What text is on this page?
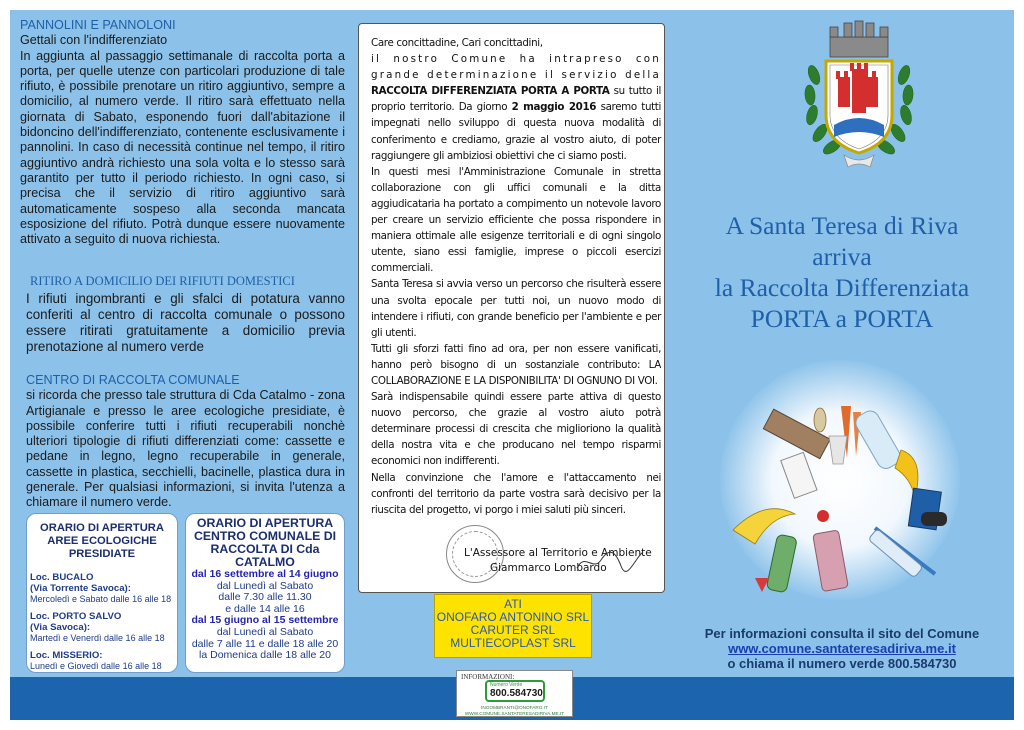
PANNOLINI E PANNOLONI
Gettali con l'indifferenziato
In aggiunta al passaggio settimanale di raccolta porta a porta, per quelle utenze con particolari produzione di tale rifiuto, è possibile prenotare un ritiro aggiuntivo, sempre a domicilio, al numero verde. Il ritiro sarà effettuato nella giornata di Sabato, esponendo fuori dall'abitazione il bidoncino dell'indifferenziato, contenente esclusivamente i pannolini. In caso di necessità continue nel tempo, il ritiro aggiuntivo andrà richiesto una sola volta e lo stesso sarà garantito per tutto il periodo richiesto. In ogni caso, si precisa che il servizio di ritiro aggiuntivo sarà automaticamente sospeso alla seconda mancata esposizione del rifiuto. Potrà dunque essere nuovamente attivato a seguito di nuova richiesta.
RITIRO A DOMICILIO DEI RIFIUTI DOMESTICI
I rifiuti ingombranti e gli sfalci di potatura vanno conferiti al centro di raccolta comunale o possono essere ritirati gratuitamente a domicilio previa prenotazione al numero verde
CENTRO DI RACCOLTA COMUNALE
si ricorda che presso tale struttura di Cda Catalmo - zona Artigianale e presso le aree ecologiche presidiate, è possibile conferire tutti i rifiuti recuperabili nonchè ulteriori tipologie di rifiuti differenziati come: cassette e pedane in legno, legno recuperabile in generale, cassette in plastica, secchielli, bacinelle, plastica dura in generale. Per qualsiasi informazioni, si invita l'utenza a chiamare il numero verde.
ORARIO DI APERTURA AREE ECOLOGICHE PRESIDIATE
Loc. BUCALO
(Via Torrente Savoca):
Mercoledì e Sabato dalle 16 alle 18
Loc. PORTO SALVO
(Via Savoca):
Martedì e Venerdì dalle 16 alle 18
Loc. MISSERIO:
Lunedì e Giovedì dalle 16 alle 18
ORARIO DI APERTURA CENTRO COMUNALE DI RACCOLTA DI Cda CATALMO
dal 16 settembre al 14 giugno
dal Lunedì al Sabato
dalle 7.30 alle 11.30
e dalle 14 alle 16
dal 15 giugno al 15 settembre
dal Lunedì al Sabato
dalle 7 alle 11 e dalle 18 alle 20
la Domenica dalle 18 alle 20
Care concittadine, Cari concittadini,
il nostro Comune ha intrapreso con grande determinazione il servizio della RACCOLTA DIFFERENZIATA PORTA A PORTA su tutto il proprio territorio. Da giorno 2 maggio 2016 saremo tutti impegnati nello sviluppo di questa nuova modalità di conferimento e crediamo, grazie al vostro aiuto, di poter raggiungere gli ambiziosi obiettivi che ci siamo posti.
In questi mesi l'Amministrazione Comunale in stretta collaborazione con gli uffici comunali e la ditta aggiudicataria ha portato a compimento un notevole lavoro per creare un servizio efficiente che possa rispondere in maniera ottimale alle esigenze territoriali e di ogni singolo utente, siano essi famiglie, imprese o piccoli esercizi commerciali.
Santa Teresa si avvia verso un percorso che risulterà essere una svolta epocale per tutti noi, un nuovo modo di intendere i rifiuti, con grande beneficio per l'ambiente e per gli utenti.
Tutti gli sforzi fatti fino ad ora, per non essere vanificati, hanno però bisogno di un sostanziale contributo: LA COLLABORAZIONE E LA DISPONIBILITA' DI OGNUNO DI VOI.
Sarà indispensabile quindi essere parte attiva di questo nuovo percorso, che grazie al vostro aiuto potrà determinare processi di crescita che miglioriono la qualità della nostra vita e che producano nel tempo risparmi economici non indifferenti.
Nella convinzione che l'amore e l'attaccamento nei confronti del territorio da parte vostra sarà decisivo per la riuscita del progetto, vi porgo i miei saluti più sinceri.
L'Assessore al Territorio e Ambiente
Giammarco Lombardo
ATI
ONOFARO ANTONINO SRL
CARUTER SRL
MULTIECOPLAST SRL
INFORMAZIONI:
Numero Verde
800.584730
INGOMBRANTI@ONOFARO.IT
WWW.COMUNE.SANTATERESADIRIVA.ME.IT
A Santa Teresa di Riva
arriva
la Raccolta Differenziata
PORTA a PORTA
Per informazioni consulta il sito del Comune
www.comune.santateresadiriva.me.it
o chiama il numero verde 800.584730
